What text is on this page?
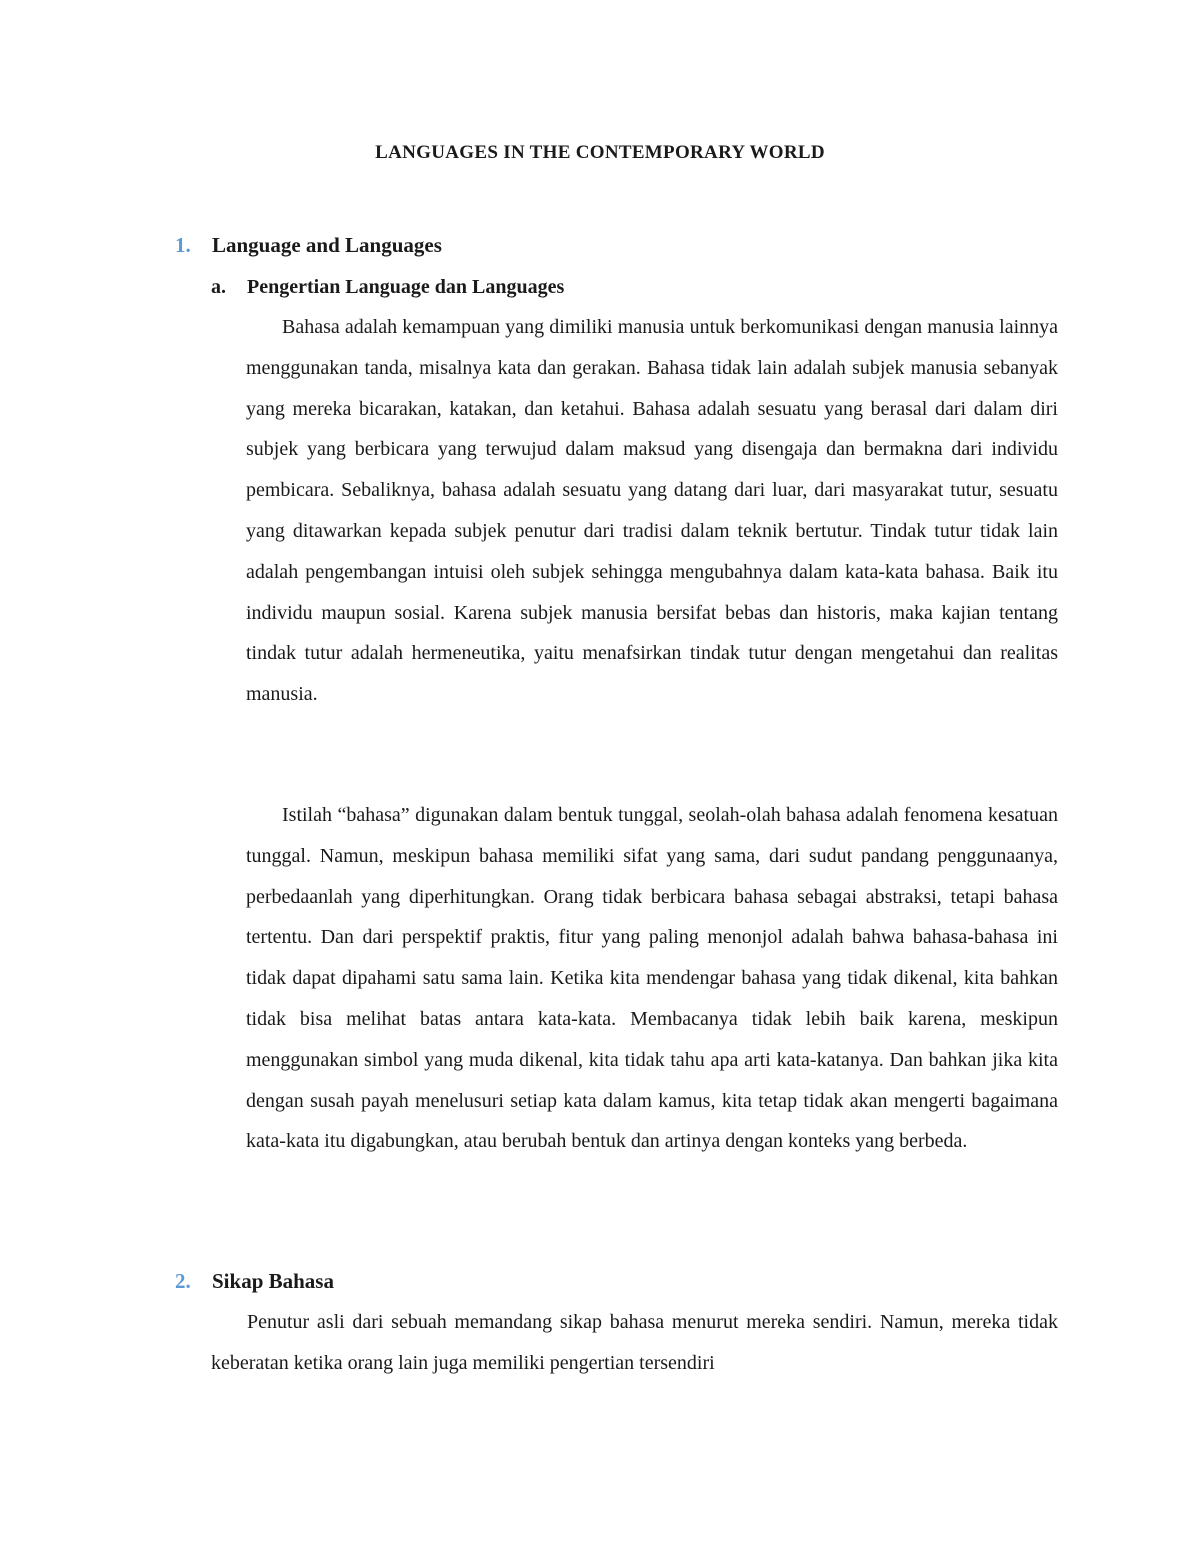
LANGUAGES IN THE CONTEMPORARY WORLD
1.	Language and Languages
a.	Pengertian Language dan Languages

Bahasa adalah kemampuan yang dimiliki manusia untuk berkomunikasi dengan manusia lainnya menggunakan tanda, misalnya kata dan gerakan. Bahasa tidak lain adalah subjek manusia sebanyak yang mereka bicarakan, katakan, dan ketahui. Bahasa adalah sesuatu yang berasal dari dalam diri subjek yang berbicara yang terwujud dalam maksud yang disengaja dan bermakna dari individu pembicara. Sebaliknya, bahasa adalah sesuatu yang datang dari luar, dari masyarakat tutur, sesuatu yang ditawarkan kepada subjek penutur dari tradisi dalam teknik bertutur. Tindak tutur tidak lain adalah pengembangan intuisi oleh subjek sehingga mengubahnya dalam kata-kata bahasa. Baik itu individu maupun sosial. Karena subjek manusia bersifat bebas dan historis, maka kajian tentang tindak tutur adalah hermeneutika, yaitu menafsirkan tindak tutur dengan mengetahui dan realitas manusia.

Istilah “bahasa” digunakan dalam bentuk tunggal, seolah-olah bahasa adalah fenomena kesatuan tunggal. Namun, meskipun bahasa memiliki sifat yang sama, dari sudut pandang penggunaanya, perbedaanlah yang diperhitungkan. Orang tidak berbicara bahasa sebagai abstraksi, tetapi bahasa tertentu. Dan dari perspektif praktis, fitur yang paling menonjol adalah bahwa bahasa-bahasa ini tidak dapat dipahami satu sama lain. Ketika kita mendengar bahasa yang tidak dikenal, kita bahkan tidak bisa melihat batas antara kata-kata. Membacanya tidak lebih baik karena, meskipun menggunakan simbol yang muda dikenal, kita tidak tahu apa arti kata-katanya. Dan bahkan jika kita dengan susah payah menelusuri setiap kata dalam kamus, kita tetap tidak akan mengerti bagaimana kata-kata itu digabungkan, atau berubah bentuk dan artinya dengan konteks yang berbeda.

2.	Sikap Bahasa

Penutur asli dari sebuah memandang sikap bahasa menurut mereka sendiri. Namun, mereka tidak keberatan ketika orang lain juga memiliki pengertian tersendiri
